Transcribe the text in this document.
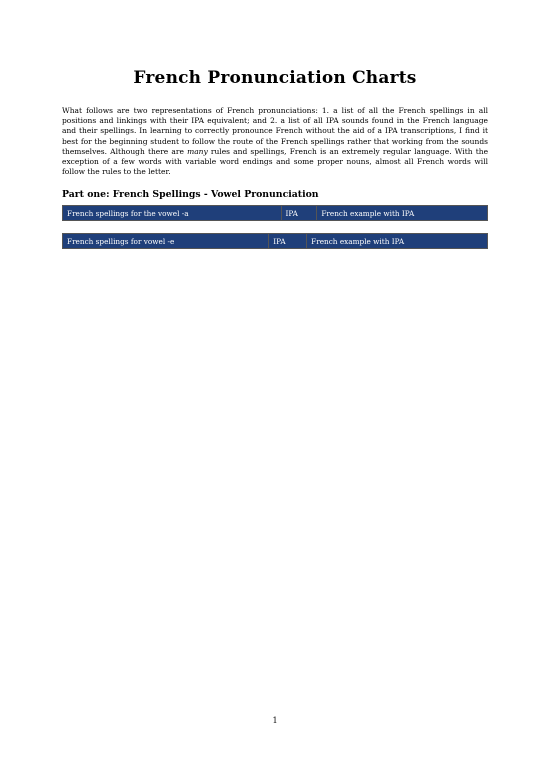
French Pronunciation Charts

What follows are two representations of French pronunciations: 1. a list of all the French spellings in all positions and linkings with their IPA equivalent; and 2. a list of all IPA sounds found in the French language and their spellings. In learning to correctly pronounce French without the aid of a IPA transcriptions, I find it best for the beginning student to follow the route of the French spellings rather that working from the sounds themselves. Although there are many rules and spellings, French is an extremely regular language. With the exception of a few words with variable word endings and some proper nouns, almost all French words will follow the rules to the letter.

Part one: French Spellings - Vowel Pronunciation
French spellings for the vowel -a	IPA	French example with IPA
French spellings for vowel -e	IPA	French example with IPA
1
